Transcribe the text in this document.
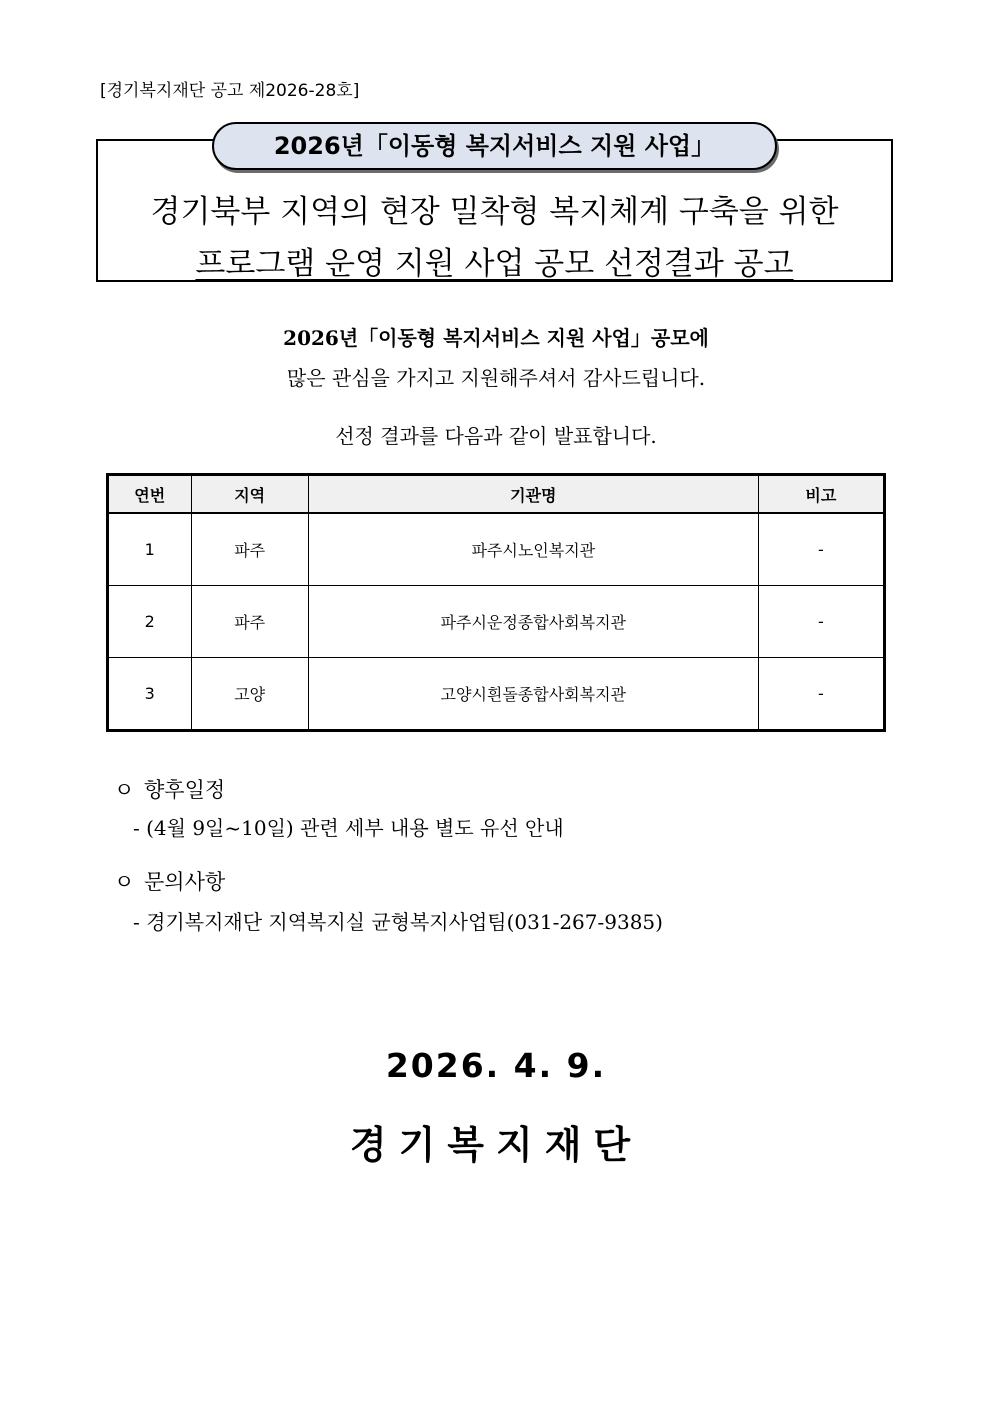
[경기복지재단 공고 제2026-28호]
2026년「이동형 복지서비스 지원 사업」
경기북부 지역의 현장 밀착형 복지체계 구축을 위한
프로그램 운영 지원 사업 공모 선정결과 공고
2026년「이동형 복지서비스 지원 사업」공모에
많은 관심을 가지고 지원해주셔서 감사드립니다.
선정 결과를 다음과 같이 발표합니다.
연번	지역	기관명	비고
1	파주	파주시노인복지관	-
2	파주	파주시운정종합사회복지관	-
3	고양	고양시흰돌종합사회복지관	-
ㅇ 향후일정
- (4월 9일~10일) 관련 세부 내용 별도 유선 안내
ㅇ 문의사항
- 경기복지재단 지역복지실 균형복지사업팀(031-267-9385)
2026. 4. 9.
경기복지재단
